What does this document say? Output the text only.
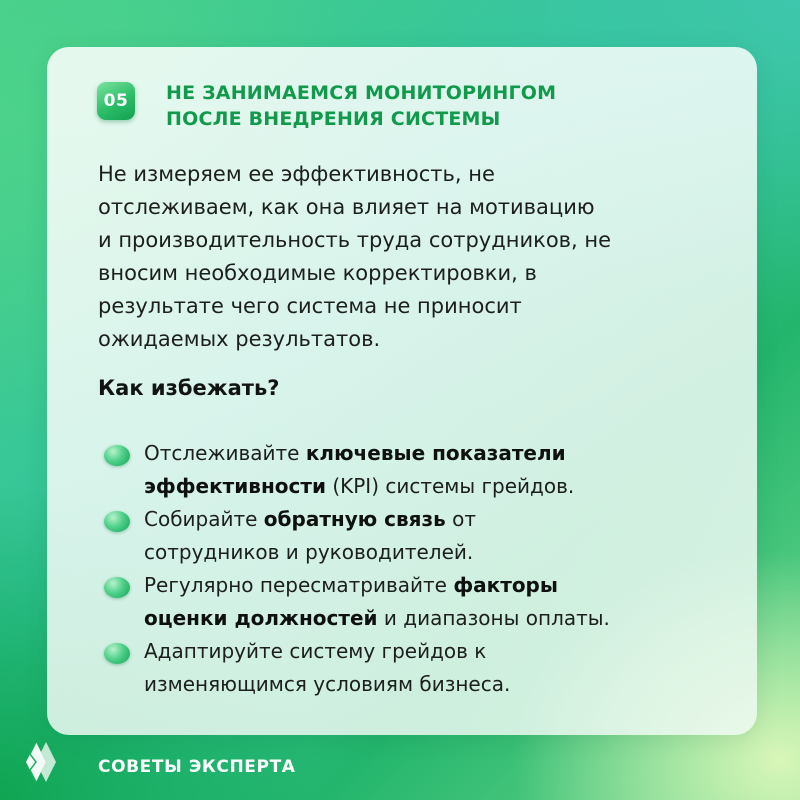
05	НЕ ЗАНИМАЕМСЯ МОНИТОРИНГОМ
ПОСЛЕ ВНЕДРЕНИЯ СИСТЕМЫ

Не измеряем ее эффективность, не
отслеживаем, как она влияет на мотивацию
и производительность труда сотрудников, не
вносим необходимые корректировки, в
результате чего система не приносит
ожидаемых результатов.

Как избежать?
Отслеживайте ключевые показатели
эффективности (KPI) системы грейдов.
Собирайте обратную связь от
сотрудников и руководителей.
Регулярно пересматривайте факторы
оценки должностей и диапазоны оплаты.
Адаптируйте систему грейдов к
изменяющимся условиям бизнеса.

СОВЕТЫ ЭКСПЕРТА
